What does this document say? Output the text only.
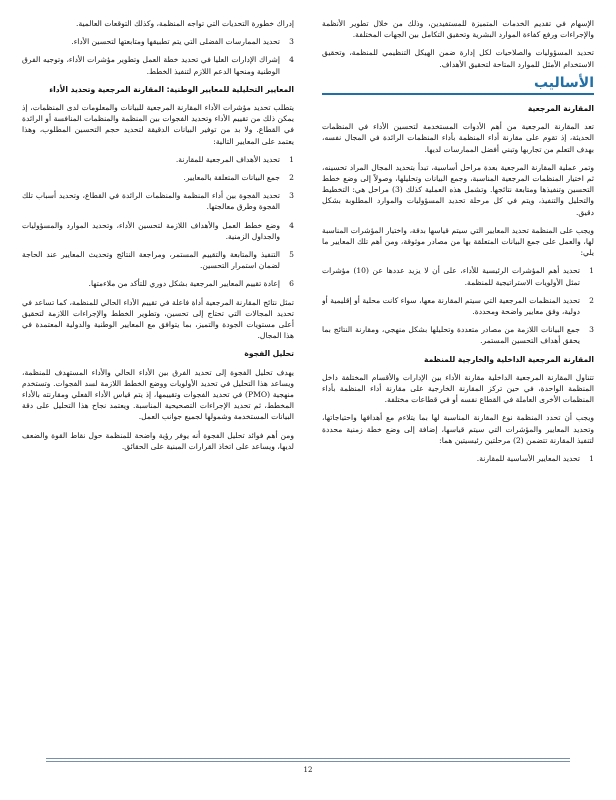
الإسهام في تقديم الخدمات المتميزة للمستفيدين، وذلك من خلال تطوير الأنظمة والإجراءات ورفع كفاءة الموارد البشرية وتحقيق التكامل بين الجهات المختلفة.

تحديد المسؤوليات والصلاحيات لكل إدارة ضمن الهيكل التنظيمي للمنظمة، وتحقيق الاستخدام الأمثل للموارد المتاحة لتحقيق الأهداف.

الأساليب
المقارنة المرجعية

تعد المقارنة المرجعية من أهم الأدوات المستخدمة لتحسين الأداء في المنظمات الحديثة، إذ تقوم على مقارنة أداء المنظمة بأداء المنظمات الرائدة في المجال نفسه، بهدف التعلم من تجاربها وتبني أفضل الممارسات لديها.

وتمر عملية المقارنة المرجعية بعدة مراحل أساسية، تبدأ بتحديد المجال المراد تحسينه، ثم اختيار المنظمات المرجعية المناسبة، وجمع البيانات وتحليلها، وصولاً إلى وضع خطط التحسين وتنفيذها ومتابعة نتائجها. وتشمل هذه العملية كذلك (3) مراحل هي: التخطيط والتحليل والتنفيذ، ويتم في كل مرحلة تحديد المسؤوليات والموارد المطلوبة بشكل دقيق.

ويجب على المنظمة تحديد المعايير التي سيتم قياسها بدقة، واختيار المؤشرات المناسبة لها، والعمل على جمع البيانات المتعلقة بها من مصادر موثوقة، ومن أهم تلك المعايير ما يلي:

1
تحديد أهم المؤشرات الرئيسية للأداء، على أن لا يزيد عددها عن (10) مؤشرات تمثل الأولويات الاستراتيجية للمنظمة.
2
تحديد المنظمات المرجعية التي سيتم المقارنة معها، سواء كانت محلية أو إقليمية أو دولية، وفق معايير واضحة ومحددة.
3
جمع البيانات اللازمة من مصادر متعددة وتحليلها بشكل منهجي، ومقارنة النتائج بما يحقق أهداف التحسين المستمر.
المقارنة المرجعية الداخلية والخارجية للمنظمة

تتناول المقارنة المرجعية الداخلية مقارنة الأداء بين الإدارات والأقسام المختلفة داخل المنظمة الواحدة، في حين تركز المقارنة الخارجية على مقارنة أداء المنظمة بأداء المنظمات الأخرى العاملة في القطاع نفسه أو في قطاعات مختلفة.

ويجب أن تحدد المنظمة نوع المقارنة المناسبة لها بما يتلاءم مع أهدافها واحتياجاتها، وتحديد المعايير والمؤشرات التي سيتم قياسها، إضافة إلى وضع خطة زمنية محددة لتنفيذ المقارنة تتضمن (2) مرحلتين رئيسيتين هما:

1
تحديد المعايير الأساسية للمقارنة.

إدراك خطورة التحديات التي تواجه المنظمة، وكذلك التوقعات العالمية.

3
تحديد الممارسات الفضلى التي يتم تطبيقها ومتابعتها لتحسين الأداء.
4
إشراك الإدارات العليا في تحديد خطة العمل وتطوير مؤشرات الأداء، وتوجيه الفرق الوطنية ومنحها الدعم اللازم لتنفيذ الخطط.
المعايير التحليلية للمعايير الوطنية: المقارنة المرجعية وتحديد الأداء

يتطلب تحديد مؤشرات الأداء المقارنة المرجعية للبيانات والمعلومات لدى المنظمات، إذ يمكن ذلك من تقييم الأداء وتحديد الفجوات بين المنظمة والمنظمات المنافسة أو الرائدة في القطاع. ولا بد من توفير البيانات الدقيقة لتحديد حجم التحسين المطلوب، وهذا يعتمد على المعايير التالية:

1
تحديد الأهداف المرجعية للمقارنة.
2
جمع البيانات المتعلقة بالمعايير.
3
تحديد الفجوة بين أداء المنظمة والمنظمات الرائدة في القطاع، وتحديد أسباب تلك الفجوة وطرق معالجتها.
4
وضع خطط العمل والأهداف اللازمة لتحسين الأداء، وتحديد الموارد والمسؤوليات والجداول الزمنية.
5
التنفيذ والمتابعة والتقييم المستمر، ومراجعة النتائج وتحديث المعايير عند الحاجة لضمان استمرار التحسين.
6
إعادة تقييم المعايير المرجعية بشكل دوري للتأكد من ملاءمتها.

تمثل نتائج المقارنة المرجعية أداة فاعلة في تقييم الأداء الحالي للمنظمة، كما تساعد في تحديد المجالات التي تحتاج إلى تحسين، وتطوير الخطط والإجراءات اللازمة لتحقيق أعلى مستويات الجودة والتميز، بما يتوافق مع المعايير الوطنية والدولية المعتمدة في هذا المجال.

تحليل الفجوة

يهدف تحليل الفجوة إلى تحديد الفرق بين الأداء الحالي والأداء المستهدف للمنظمة، ويساعد هذا التحليل في تحديد الأولويات ووضع الخطط اللازمة لسد الفجوات. وتستخدم منهجية (PMO) في تحديد الفجوات وتقييمها، إذ يتم قياس الأداء الفعلي ومقارنته بالأداء المخطط، ثم تحديد الإجراءات التصحيحية المناسبة. ويعتمد نجاح هذا التحليل على دقة البيانات المستخدمة وشمولها لجميع جوانب العمل.

ومن أهم فوائد تحليل الفجوة أنه يوفر رؤية واضحة للمنظمة حول نقاط القوة والضعف لديها، ويساعد على اتخاذ القرارات المبنية على الحقائق.

12
